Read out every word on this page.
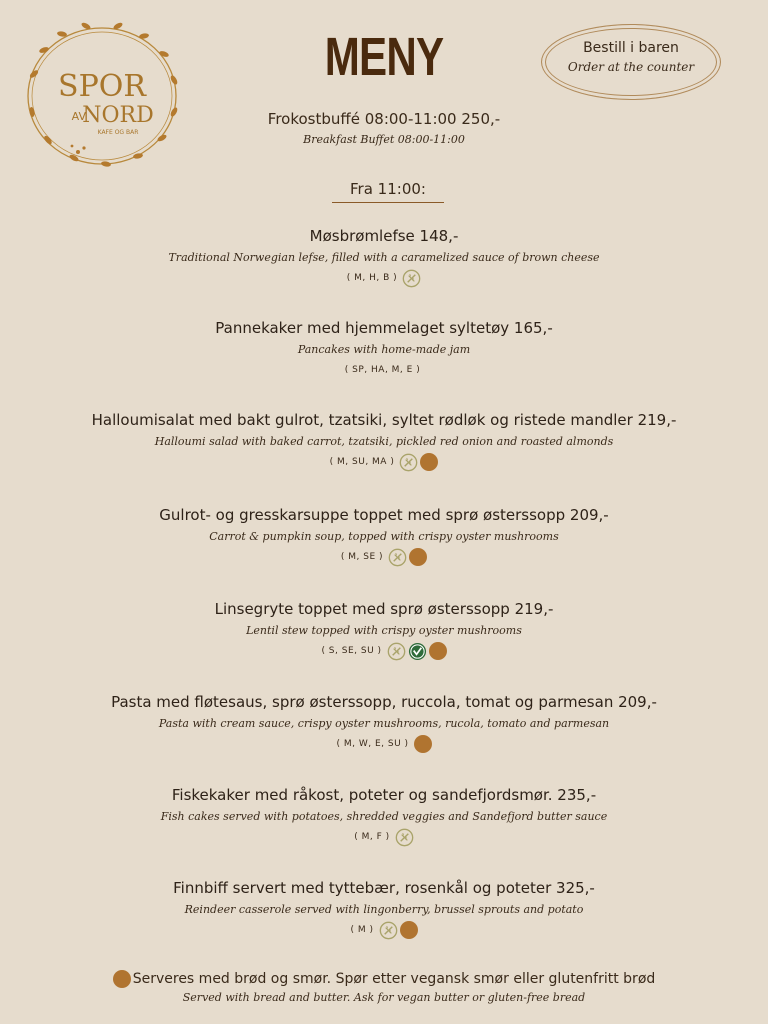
SPOR
AV
NORD
KAFE OG BAR
MENY	Bestill i baren
Order at the counter
Frokostbuffé 08:00-11:00 250,-
Breakfast Buffet 08:00-11:00
Fra 11:00:
Møsbrømlefse 148,-
Traditional Norwegian lefse, filled with a caramelized sauce of brown cheese
( M, H, B )
Pannekaker med hjemmelaget syltetøy 165,-
Pancakes with home-made jam
( SP, HA, M, E )
Halloumisalat med bakt gulrot, tzatsiki, syltet rødløk og ristede mandler 219,-
Halloumi salad with baked carrot, tzatsiki, pickled red onion and roasted almonds
( M, SU, MA )
Gulrot- og gresskarsuppe toppet med sprø østerssopp 209,-
Carrot & pumpkin soup, topped with crispy oyster mushrooms
( M, SE )
Linsegryte toppet med sprø østerssopp 219,-
Lentil stew topped with crispy oyster mushrooms
( S, SE, SU )
Pasta med fløtesaus, sprø østerssopp, ruccola, tomat og parmesan 209,-
Pasta with cream sauce, crispy oyster mushrooms, rucola, tomato and parmesan
( M, W, E, SU )
Fiskekaker med råkost, poteter og sandefjordsmør. 235,-
Fish cakes served with potatoes, shredded veggies and Sandefjord butter sauce
( M, F )
Finnbiff servert med tyttebær, rosenkål og poteter 325,-
Reindeer casserole served with lingonberry, brussel sprouts and potato
( M )
Serveres med brød og smør. Spør etter vegansk smør eller glutenfritt brød
Served with bread and butter. Ask for vegan butter or gluten-free bread
